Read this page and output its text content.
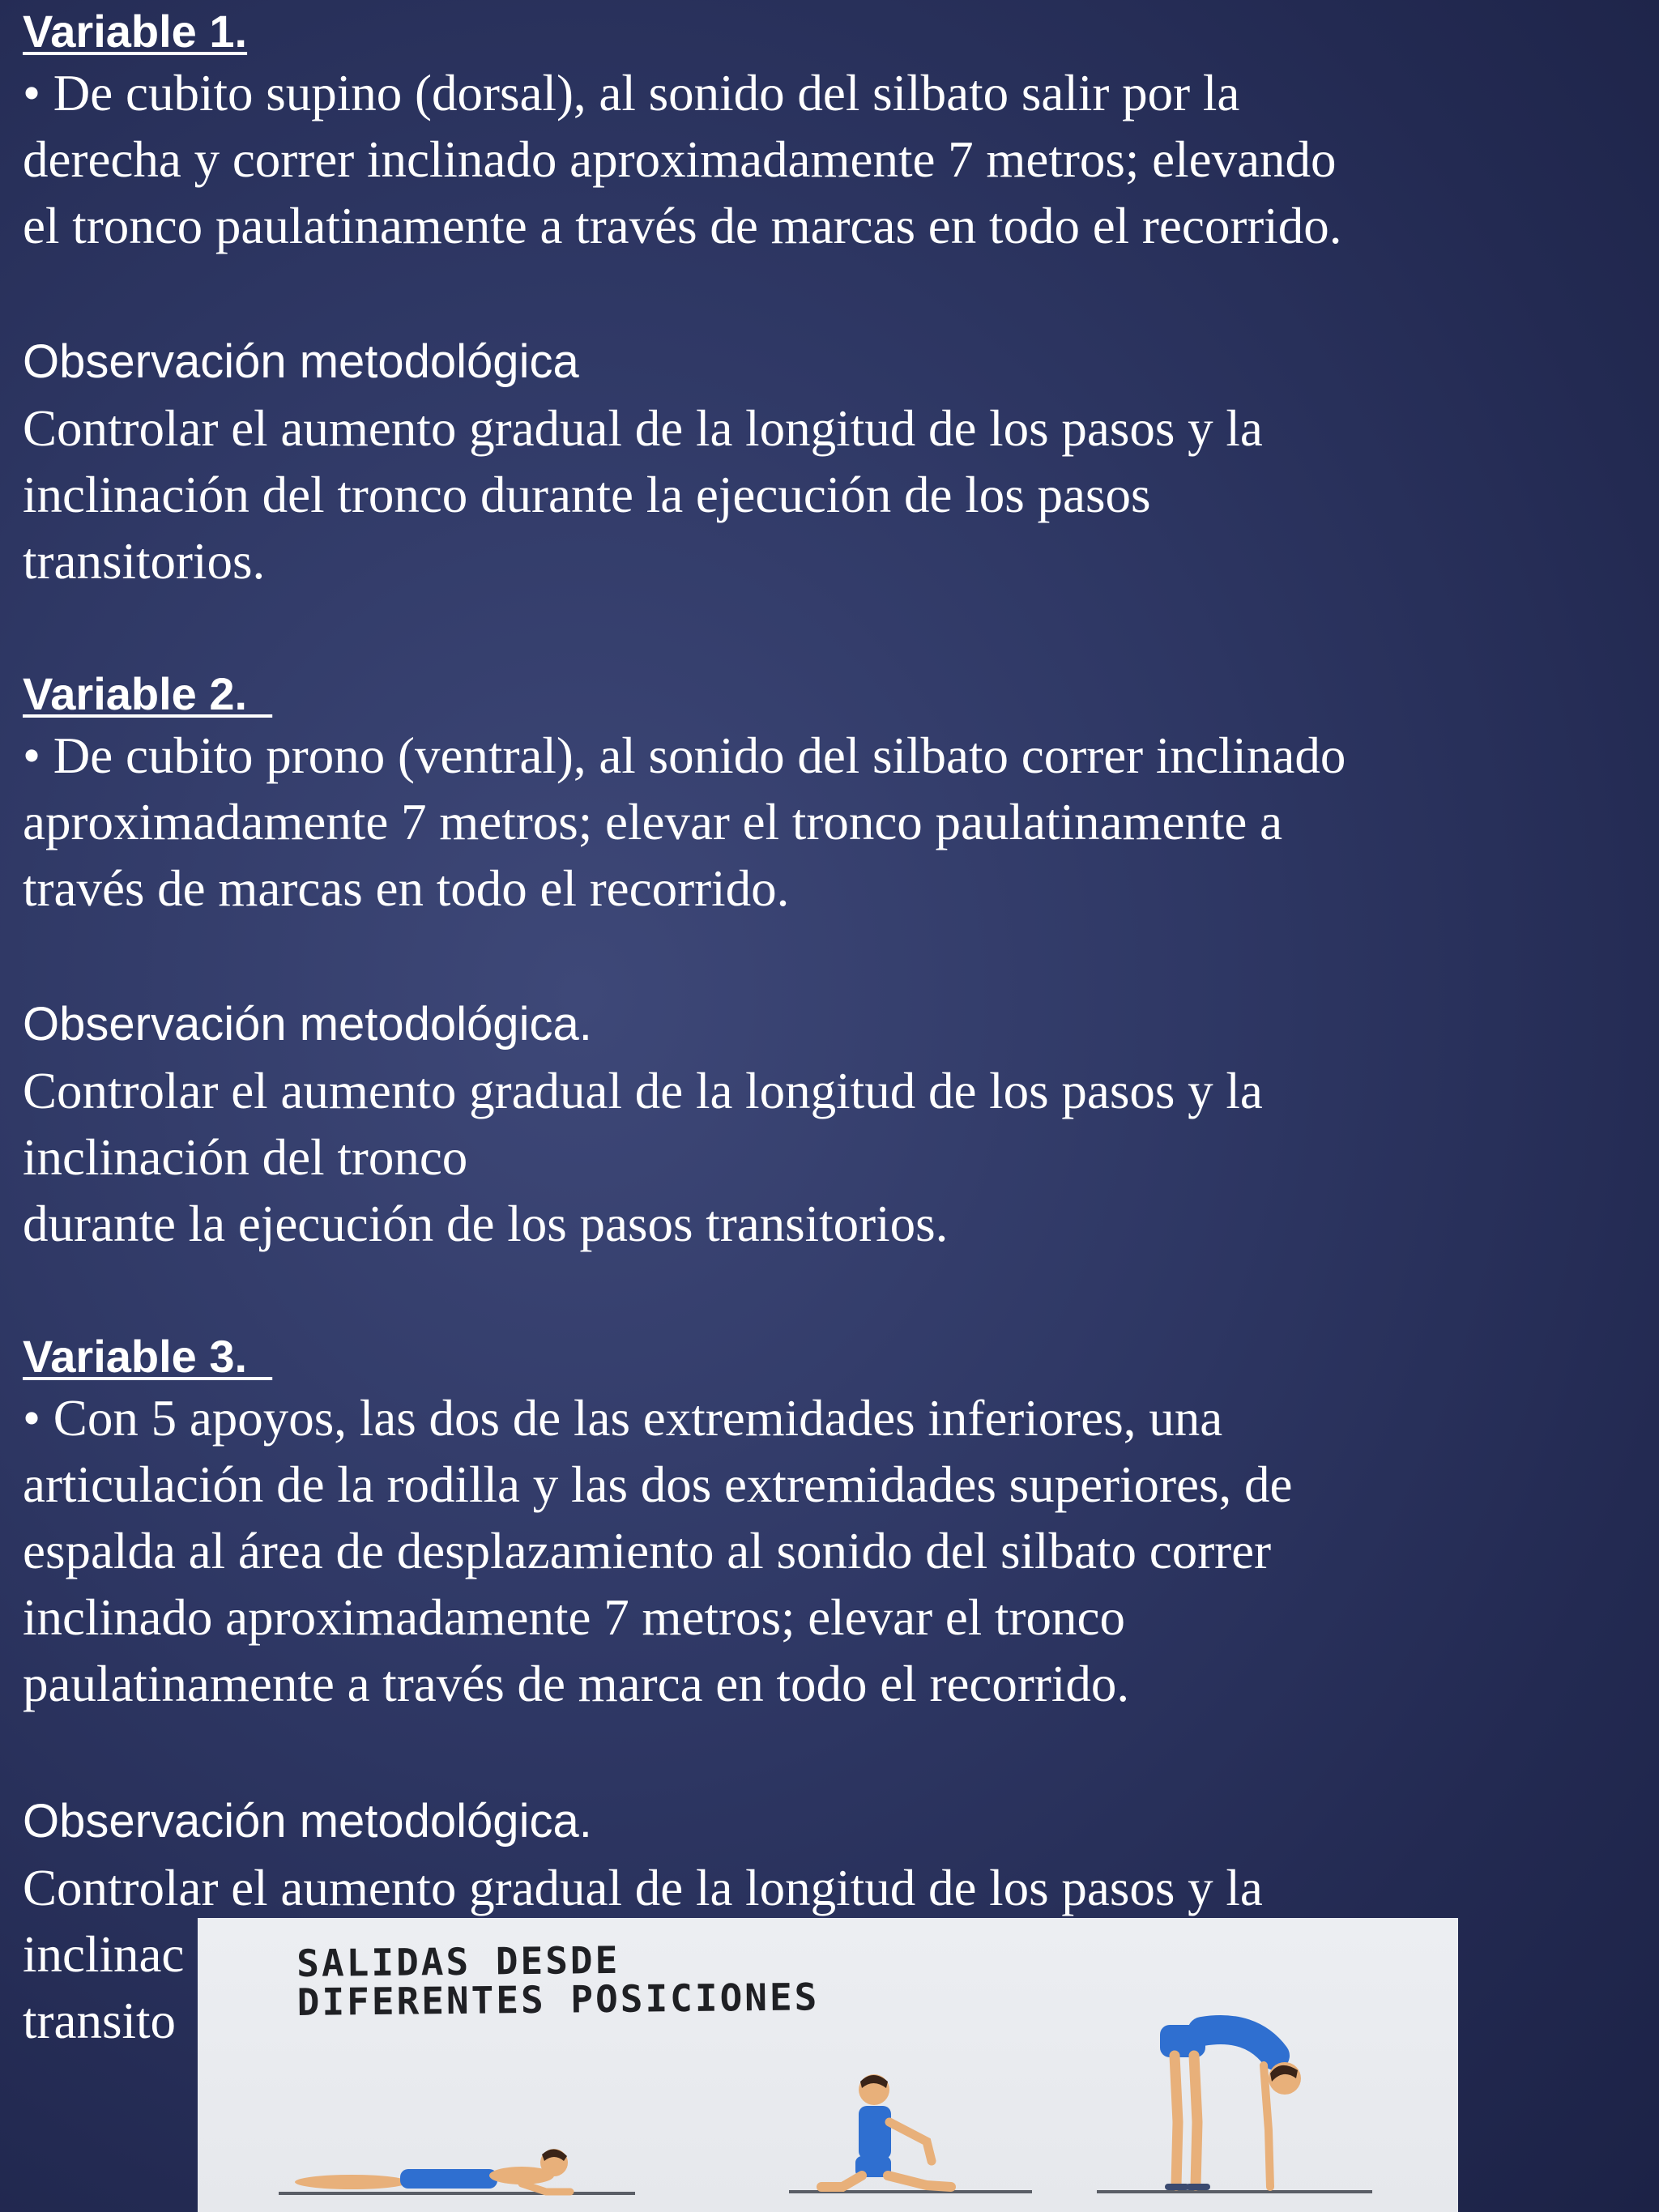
Variable 1.

• De cubito supino (dorsal), al sonido del silbato salir por la
derecha y correr inclinado aproximadamente 7 metros; elevando
el tronco paulatinamente a través de marcas en todo el recorrido.

Observación metodológica

Controlar el aumento gradual de la longitud de los pasos y la
inclinación del tronco durante la ejecución de los pasos
transitorios.

Variable 2.

• De cubito prono (ventral), al sonido del silbato correr inclinado
aproximadamente 7 metros; elevar el tronco paulatinamente a
través de marcas en todo el recorrido.

Observación metodológica.

Controlar el aumento gradual de la longitud de los pasos y la
inclinación del tronco
durante la ejecución de los pasos transitorios.

Variable 3.

• Con 5 apoyos, las dos de las extremidades inferiores, una
articulación de la rodilla y las dos extremidades superiores, de
espalda al área de desplazamiento al sonido del silbato correr
inclinado aproximadamente 7 metros; elevar el tronco
paulatinamente a través de marca en todo el recorrido.

Observación metodológica.

Controlar el aumento gradual de la longitud de los pasos y la
inclinac
transito

SALIDAS DESDE
DIFERENTES POSICIONES
